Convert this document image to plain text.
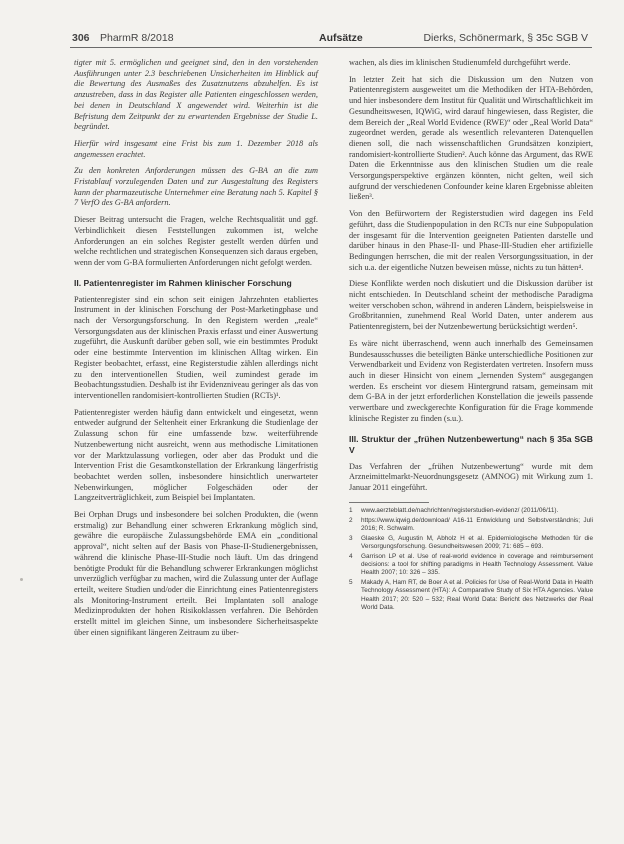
306 PharmR 8/2018	Aufsätze	Dierks, Schönermark, § 35c SGB V

tigter mit 5. ermöglichen und geeignet sind, den in den vorstehenden Ausführungen unter 2.3 beschriebenen Unsicherheiten im Hinblick auf die Bewertung des Ausmaßes des Zusatznutzens abzuhelfen. Es ist anzustreben, dass in das Register alle Patienten eingeschlossen werden, bei denen in Deutschland X angewendet wird. Weiterhin ist die Befristung dem Zeitpunkt der zu erwartenden Ergebnisse der Studie L. begründet.

Hierfür wird insgesamt eine Frist bis zum 1. Dezember 2018 als angemessen erachtet.

Zu den konkreten Anforderungen müssen des G-BA an die zum Fristablauf vorzulegenden Daten und zur Ausgestaltung des Registers kann der pharmazeutische Unternehmer eine Beratung nach 5. Kapitel § 7 VerfO des G-BA anfordern.

Dieser Beitrag untersucht die Fragen, welche Rechtsqualität und ggf. Verbindlichkeit diesen Feststellungen zukommen ist, welche Anforderungen an ein solches Register gestellt werden dürfen und welche rechtlichen und strategischen Konsequenzen sich daraus ergeben, wenn der vom G-BA formulierten Anforderungen nicht gefolgt werden.

II. Patientenregister im Rahmen klinischer Forschung

Patientenregister sind ein schon seit einigen Jahrzehnten etabliertes Instrument in der klinischen Forschung der Post-Marketingphase und nach der Versorgungsforschung. In den Registern werden „reale“ Versorgungsdaten aus der klinischen Praxis erfasst und einer Auswertung zugeführt, die Auskunft darüber geben soll, wie ein bestimmtes Produkt oder eine bestimmte Intervention im klinischen Alltag wirken. Ein Register beobachtet, erfasst, eine Registerstudie zählen allerdings nicht zu den interventionellen Studien, weil zumindest gerade im Beobachtungsstudien. Deshalb ist ihr Evidenzniveau geringer als das von interventionellen randomisiert-kontrollierten Studien (RCTs)¹.

Patientenregister werden häufig dann entwickelt und eingesetzt, wenn entweder aufgrund der Seltenheit einer Erkrankung die Studienlage der Zulassung schon für eine umfassende bzw. weiterführende Nutzenbewertung nicht ausreicht, wenn aus methodische Limitationen vor der Marktzulassung vorliegen, oder aber das Produkt und die Intervention Frist die Gesamtkonstellation der Erkrankung längerfristig beobachtet werden sollen, insbesondere hinsichtlich unerwarteter Nebenwirkungen, möglicher Folgeschäden oder der Langzeitverträglichkeit, zum Beispiel bei Implantaten.

Bei Orphan Drugs und insbesondere bei solchen Produkten, die (wenn erstmalig) zur Behandlung einer schweren Erkrankung möglich sind, gewähre die europäische Zulassungsbehörde EMA ein „conditional approval“, nicht selten auf der Basis von Phase-II-Studienergebnissen, während die klinische Phase-III-Studie noch läuft. Um das dringend benötigte Produkt für die Behandlung schwerer Erkrankungen möglichst unverzüglich verfügbar zu machen, wird die Zulassung unter der Auflage erteilt, weitere Studien und/oder die Einrichtung eines Patientenregisters als Monitoring-Instrument erteilt. Bei Implantaten soll analoge Medizinprodukten der hohen Risikoklassen verfahren. Die Behörden erstellt mittel im gleichen Sinne, um insbesondere Sicherheitsaspekte über einen signifikant längeren Zeitraum zu über-

wachen, als dies im klinischen Studienumfeld durchgeführt werde.

In letzter Zeit hat sich die Diskussion um den Nutzen von Patientenregistern ausgeweitet um die Methodiken der HTA-Behörden, und hier insbesondere dem Institut für Qualität und Wirtschaftlichkeit im Gesundheitswesen, IQWiG, wird darauf hingewiesen, dass Register, die dem Bereich der „Real World Evidence (RWE)“ oder „Real World Data“ zugeordnet werden, gerade als wesentlich relevanteren Datenquellen dienen soll, die nach wissenschaftlichen Grundsätzen konzipiert, randomisiert-kontrollierte Studien². Auch könne das Argument, das RWE Daten die Erkenntnisse aus den klinischen Studien um die reale Versorgungsperspektive ergänzen könnten, nicht gelten, weil sich aufgrund der verschiedenen Confounder keine klaren Ergebnisse ableiten ließen³.

Von den Befürwortern der Registerstudien wird dagegen ins Feld geführt, dass die Studienpopulation in den RCTs nur eine Subpopulation der insgesamt für die Intervention geeigneten Patienten darstelle und darüber hinaus in den Phase-II- und Phase-III-Studien eher artifizielle Bedingungen herrschen, die mit der realen Versorgungssituation, in der sich u.a. der eigentliche Nutzen beweisen müsse, nichts zu tun hätten⁴.

Diese Konflikte werden noch diskutiert und die Diskussion darüber ist nicht entschieden. In Deutschland scheint der methodische Paradigma weiter verschoben schon, während in anderen Ländern, beispielsweise in Großbritannien, zunehmend Real World Daten, unter anderem aus Patientenregistern, bei der Nutzenbewertung berücksichtigt werden⁵.

Es wäre nicht überraschend, wenn auch innerhalb des Gemeinsamen Bundesausschusses die beteiligten Bänke unterschiedliche Positionen zur Verwendbarkeit und Evidenz von Registerdaten vertreten. Insofern muss auch in dieser Hinsicht von einem „lernenden System“ ausgegangen werden. Es erscheint vor diesem Hintergrund ratsam, gemeinsam mit dem G-BA in der jetzt erforderlichen Konstellation die jeweils passende verwertbare und zweckgerechte Konfiguration für die Frage kommende klinische Register zu finden (s.u.).

III. Struktur der „frühen Nutzenbewertung“ nach § 35a SGB V

Das Verfahren der „frühen Nutzenbewertung“ wurde mit dem Arzneimittelmarkt-Neuordnungsgesetz (AMNOG) mit Wirkung zum 1. Januar 2011 eingeführt.

1	www.aerzteblatt.de/nachrichten/registerstudien-evidenz/ (2011/06/11).
2	https://www.iqwig.de/download/ A16-11 Entwicklung und Selbstverständnis; Juli 2016; R. Schwalm.
3	Glaeske G, Augustin M, Abholz H et al. Epidemiologische Methoden für die Versorgungsforschung. Gesundheitswesen 2009; 71: 685 – 693.
4	Garrison LP et al. Use of real-world evidence in coverage and reimbursement decisions: a tool for shifting paradigms in Health Technology Assessment. Value Health 2007; 10: 326 – 335.
5	Makady A, Ham RT, de Boer A et al. Policies for Use of Real-World Data in Health Technology Assessment (HTA): A Comparative Study of Six HTA Agencies. Value Health 2017; 20: 520 – 532; Real World Data: Bericht des Netzwerks der Real World Data.
